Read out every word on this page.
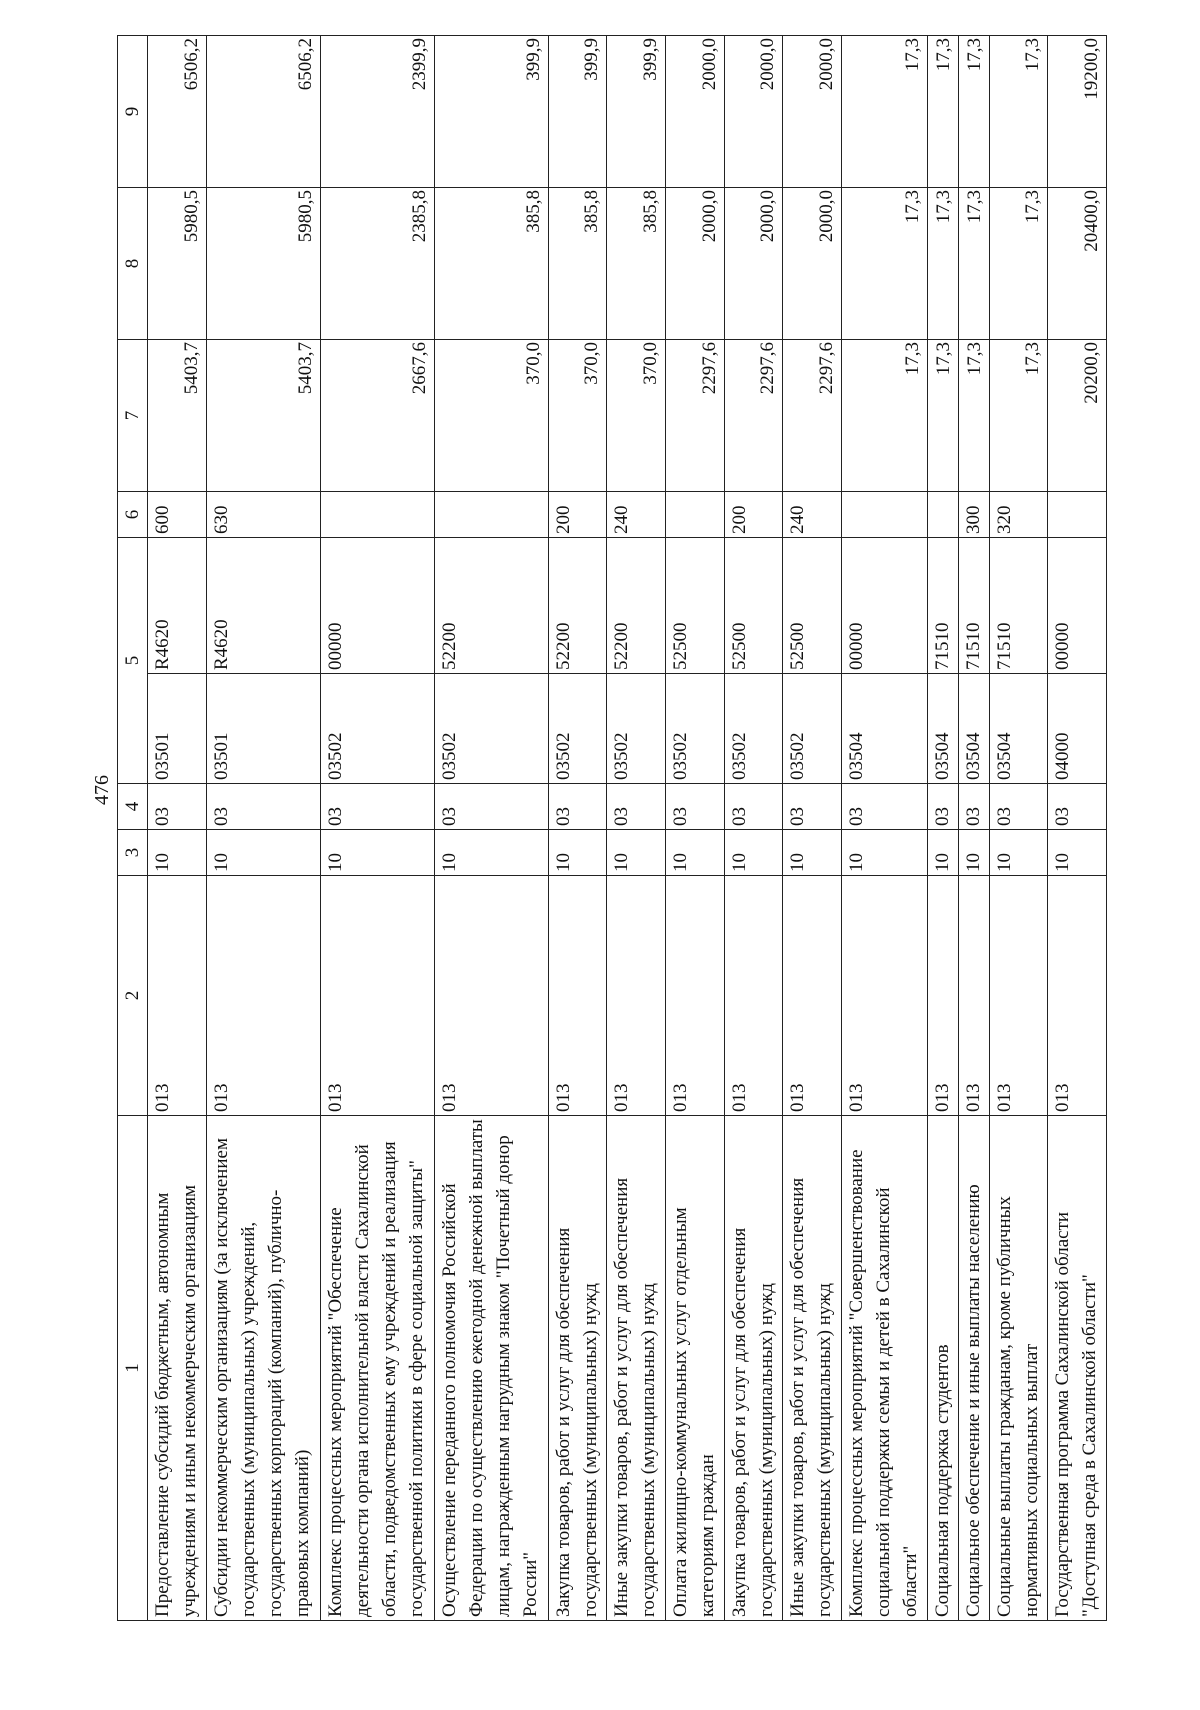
476
1	2	3	4	5		6	7	8	9
Предоставление субсидий бюджетным, автономным учреждениям и иным некоммерческим организациям	013	10	03	03501	R4620	600	5403,7	5980,5	6506,2
Субсидии некоммерческим организациям (за исключением государственных (муниципальных) учреждений, государственных корпораций (компаний), публично-правовых компаний)	013	10	03	03501	R4620	630	5403,7	5980,5	6506,2
Комплекс процессных мероприятий "Обеспечение деятельности органа исполнительной власти Сахалинской области, подведомственных ему учреждений и реализация государственной политики в сфере социальной защиты"	013	10	03	03502	00000		2667,6	2385,8	2399,9
Осуществление переданного полномочия Российской Федерации по осуществлению ежегодной денежной выплаты лицам, награжденным нагрудным знаком "Почетный донор России"	013	10	03	03502	52200		370,0	385,8	399,9
Закупка товаров, работ и услуг для обеспечения государственных (муниципальных) нужд	013	10	03	03502	52200	200	370,0	385,8	399,9
Иные закупки товаров, работ и услуг для обеспечения государственных (муниципальных) нужд	013	10	03	03502	52200	240	370,0	385,8	399,9
Оплата жилищно-коммунальных услуг отдельным категориям граждан	013	10	03	03502	52500		2297,6	2000,0	2000,0
Закупка товаров, работ и услуг для обеспечения государственных (муниципальных) нужд	013	10	03	03502	52500	200	2297,6	2000,0	2000,0
Иные закупки товаров, работ и услуг для обеспечения государственных (муниципальных) нужд	013	10	03	03502	52500	240	2297,6	2000,0	2000,0
Комплекс процессных мероприятий "Совершенствование социальной поддержки семьи и детей в Сахалинской области"	013	10	03	03504	00000		17,3	17,3	17,3
Социальная поддержка студентов	013	10	03	03504	71510		17,3	17,3	17,3
Социальное обеспечение и иные выплаты населению	013	10	03	03504	71510	300	17,3	17,3	17,3
Социальные выплаты гражданам, кроме публичных нормативных социальных выплат	013	10	03	03504	71510	320	17,3	17,3	17,3
Государственная программа Сахалинской области "Доступная среда в Сахалинской области"	013	10	03	04000	00000		20200,0	20400,0	19200,0
